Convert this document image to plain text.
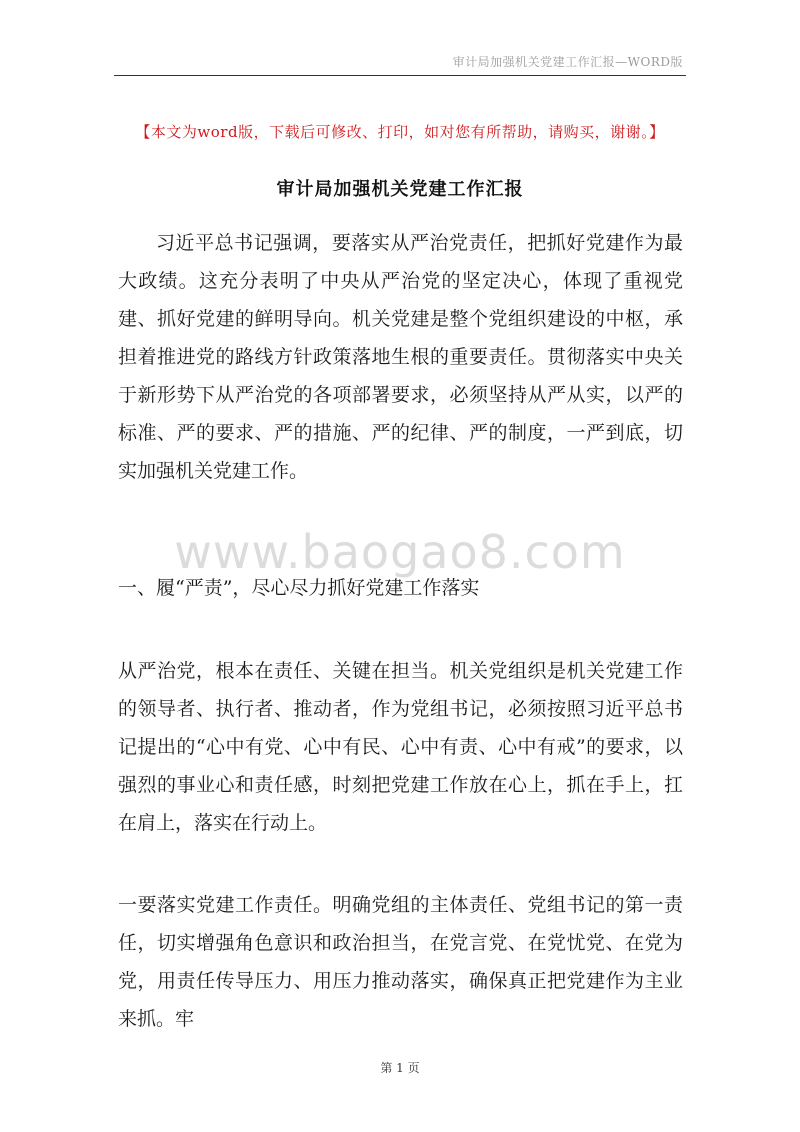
审计局加强机关党建工作汇报—WORD版
【本文为word版，下载后可修改、打印，如对您有所帮助，请购买，谢谢。】
审计局加强机关党建工作汇报

习近平总书记强调，要落实从严治党责任，把抓好党建作为最大政绩。这充分表明了中央从严治党的坚定决心，体现了重视党建、抓好党建的鲜明导向。机关党建是整个党组织建设的中枢，承担着推进党的路线方针政策落地生根的重要责任。贯彻落实中央关于新形势下从严治党的各项部署要求，必须坚持从严从实，以严的标准、严的要求、严的措施、严的纪律、严的制度，一严到底，切实加强机关党建工作。

www.baogao8.com

一、履“严责”，尽心尽力抓好党建工作落实

从严治党，根本在责任、关键在担当。机关党组织是机关党建工作的领导者、执行者、推动者，作为党组书记，必须按照习近平总书记提出的“心中有党、心中有民、心中有责、心中有戒”的要求，以强烈的事业心和责任感，时刻把党建工作放在心上，抓在手上，扛在肩上，落实在行动上。

一要落实党建工作责任。明确党组的主体责任、党组书记的第一责任，切实增强角色意识和政治担当，在党言党、在党忧党、在党为党，用责任传导压力、用压力推动落实，确保真正把党建作为主业来抓。牢

第 1 页
